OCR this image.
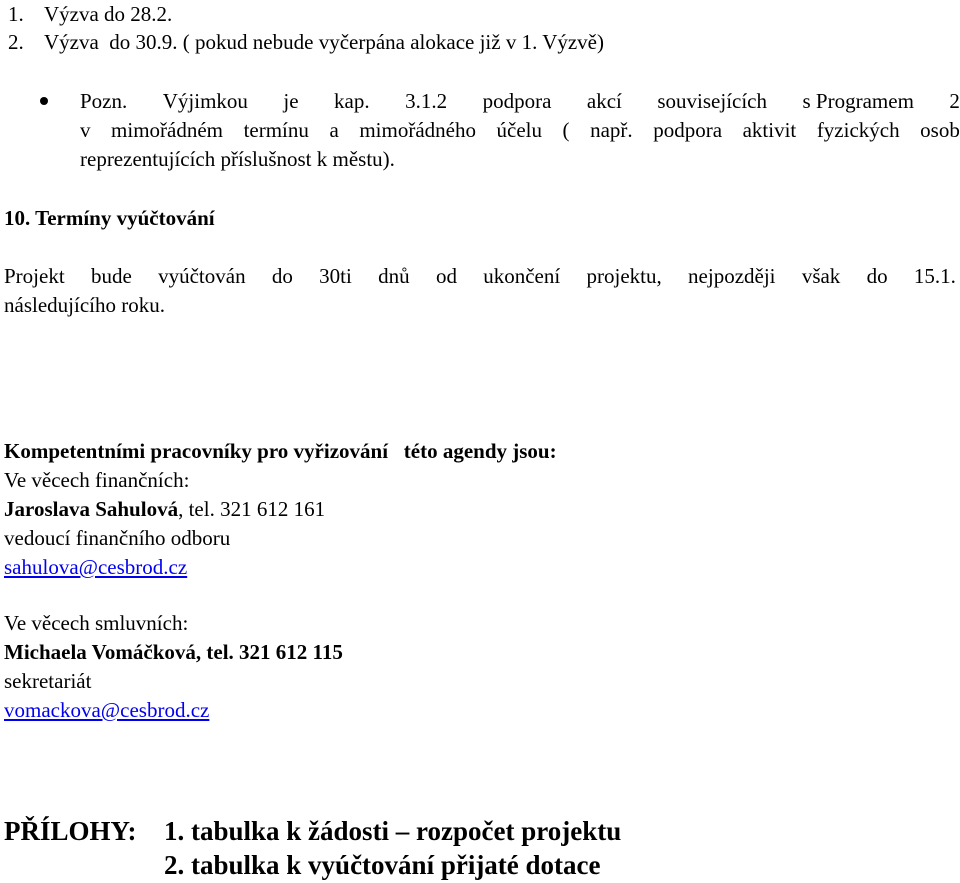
1. Výzva do 28.2.
2. Výzva  do 30.9. ( pokud nebude vyčerpána alokace již v 1. Výzvě)
Pozn. Výjimkou je kap. 3.1.2 podpora akcí souvisejících s Programem 2
v mimořádném termínu a mimořádného účelu ( např. podpora aktivit fyzických osob
reprezentujících příslušnost k městu).
10. Termíny vyúčtování
Projekt bude vyúčtován do 30ti dnů od ukončení projektu, nejpozději však do 15.1.
následujícího roku.
Kompetentními pracovníky pro vyřizování   této agendy jsou:
Ve věcech finančních:
Jaroslava Sahulová, tel. 321 612 161
vedoucí finančního odboru
sahulova@cesbrod.cz
Ve věcech smluvních:
Michaela Vomáčková, tel. 321 612 115
sekretariát
vomackova@cesbrod.cz
PŘÍLOHY: 1. tabulka k žádosti – rozpočet projektu
2. tabulka k vyúčtování přijaté dotace
